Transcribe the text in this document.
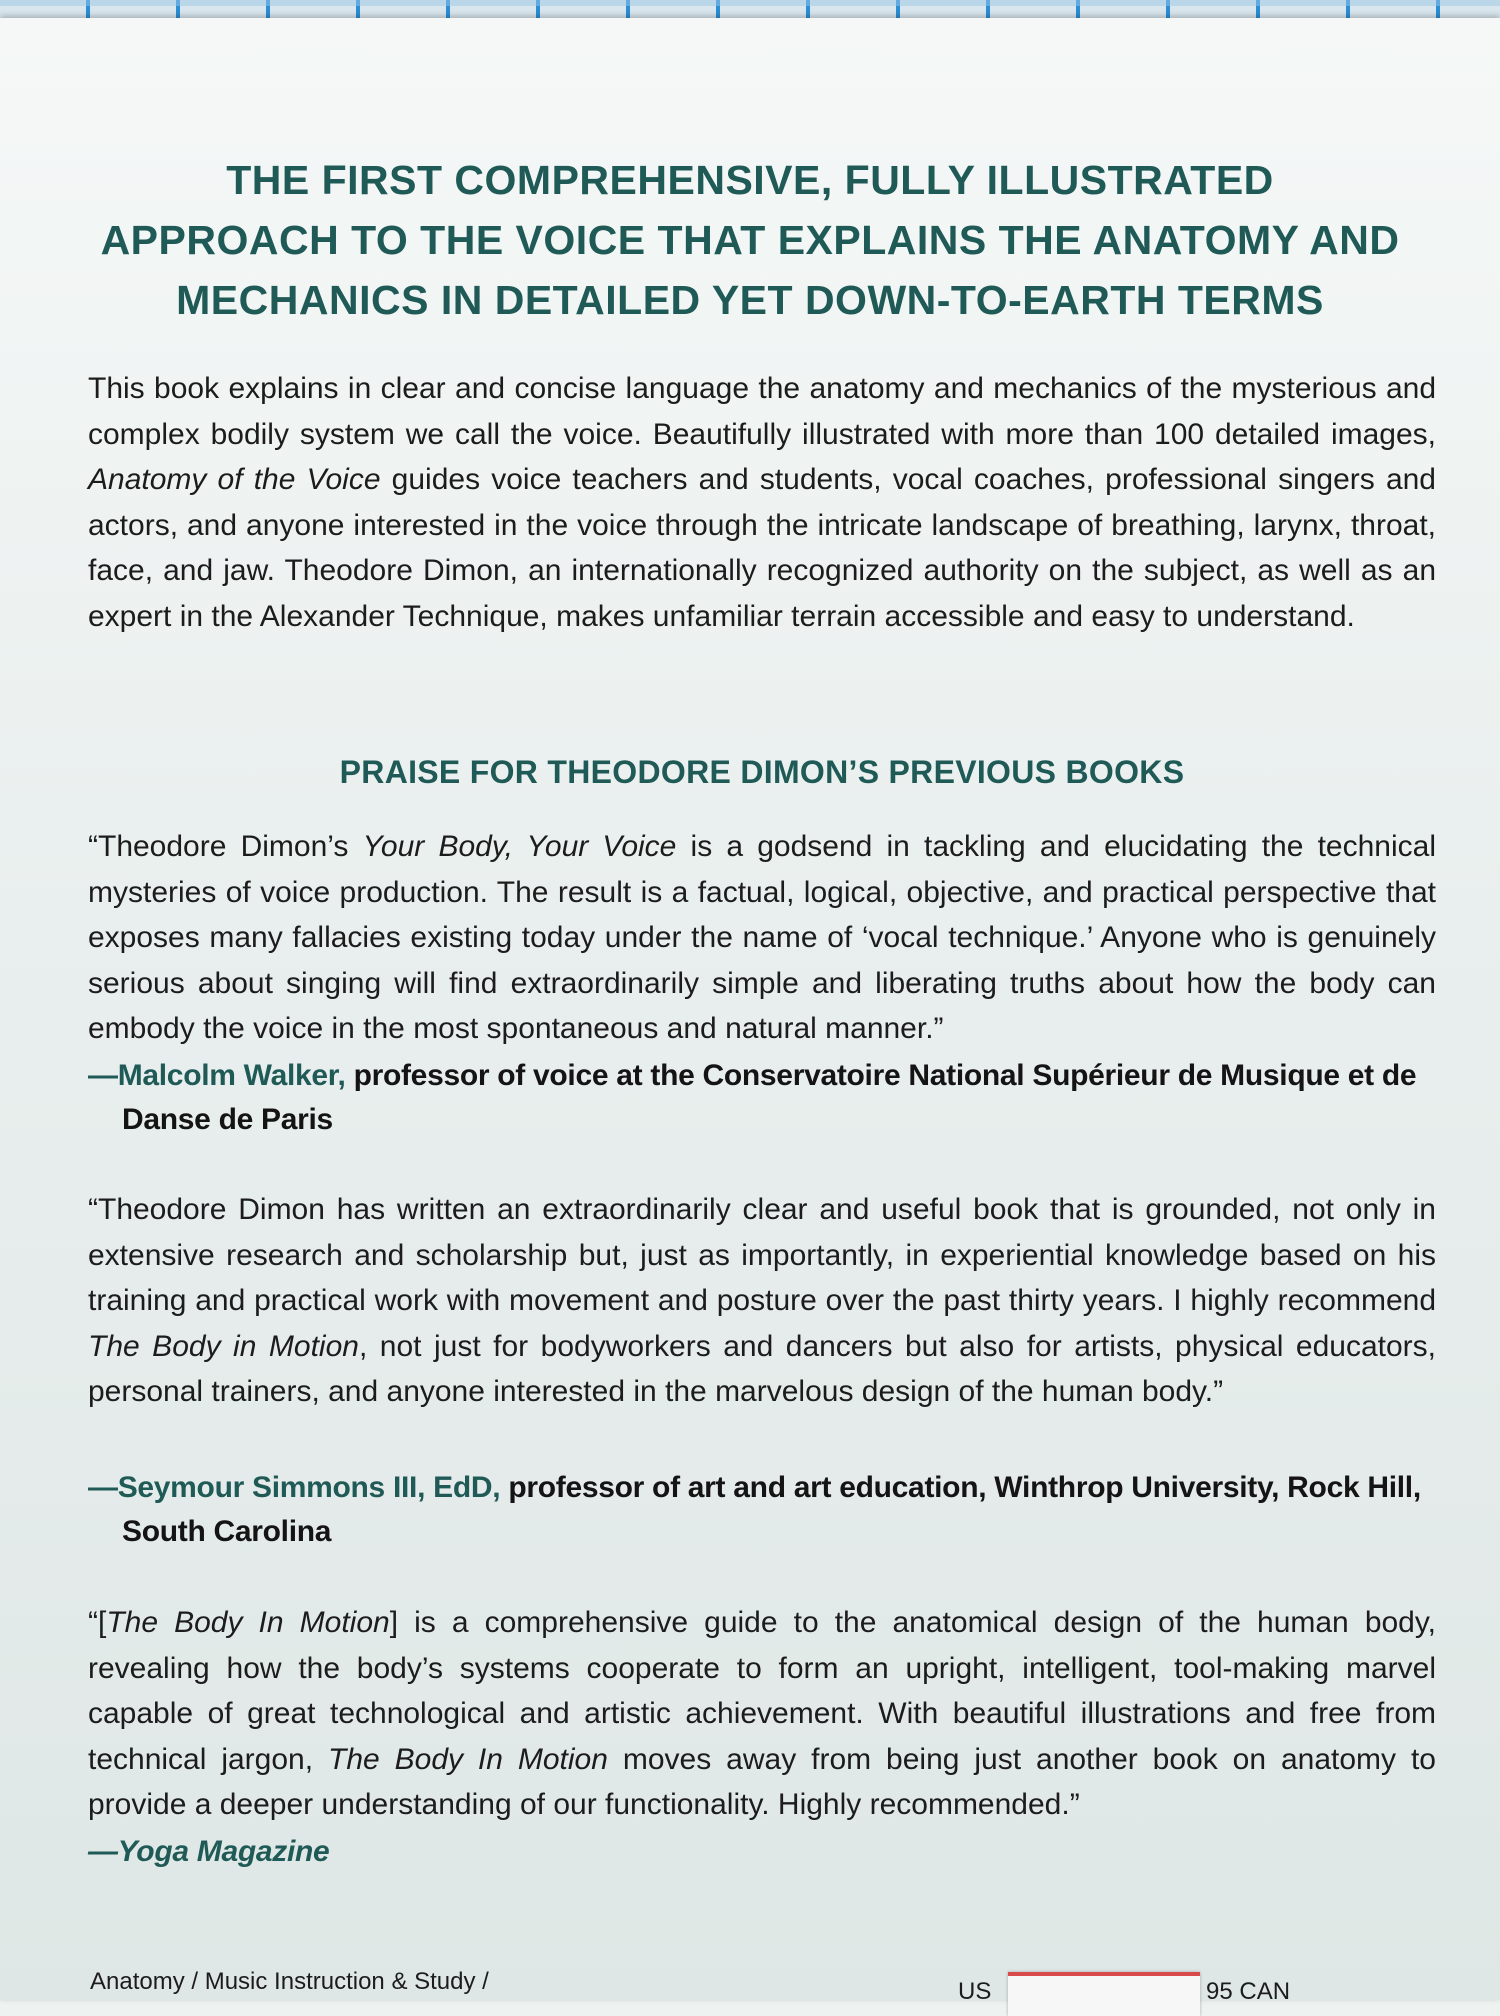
THE FIRST COMPREHENSIVE, FULLY ILLUSTRATED
APPROACH TO THE VOICE THAT EXPLAINS THE ANATOMY AND
MECHANICS IN DETAILED YET DOWN-TO-EARTH TERMS
This book explains in clear and concise language the anatomy and mechanics of the mysterious and complex bodily system we call the voice. Beautifully illustrated with more than 100 detailed images, Anatomy of the Voice guides voice teachers and students, vocal coaches, professional singers and actors, and anyone interested in the voice through the intricate landscape of breathing, larynx, throat, face, and jaw. Theodore Dimon, an internationally recognized authority on the subject, as well as an expert in the Alexander Technique, makes unfamiliar terrain accessible and easy to understand.
PRAISE FOR THEODORE DIMON’S PREVIOUS BOOKS
“Theodore Dimon’s Your Body, Your Voice is a godsend in tackling and elucidating the technical mysteries of voice production. The result is a factual, logical, objective, and practical perspective that exposes many fallacies existing today under the name of ‘vocal technique.’ Anyone who is genuinely serious about singing will find extraordinarily simple and liberating truths about how the body can embody the voice in the most spontaneous and natural manner.”
—Malcolm Walker, professor of voice at the Conservatoire National Supérieur de Musique et de Danse de Paris
“Theodore Dimon has written an extraordinarily clear and useful book that is grounded, not only in extensive research and scholarship but, just as importantly, in experiential knowledge based on his training and practical work with movement and posture over the past thirty years. I highly recommend The Body in Motion, not just for bodyworkers and dancers but also for artists, physical educators, personal trainers, and anyone interested in the marvelous design of the human body.”
—Seymour Simmons III, EdD, professor of art and art education, Winthrop University, Rock Hill, South Carolina
“[The Body In Motion] is a comprehensive guide to the anatomical design of the human body, revealing how the body’s systems cooperate to form an upright, intelligent, tool-making marvel capable of great technological and artistic achievement. With beautiful illustrations and free from technical jargon, The Body In Motion moves away from being just another book on anatomy to provide a deeper understanding of our functionality. Highly recommended.”
—Yoga Magazine
Anatomy / Music Instruction & Study /	US	95 CAN
